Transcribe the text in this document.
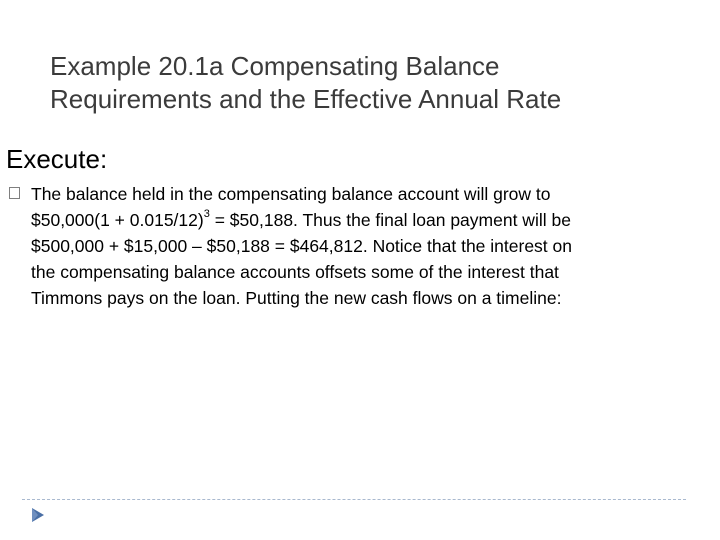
Example 20.1a Compensating Balance
Requirements and the Effective Annual Rate
Execute:
The balance held in the compensating balance account will grow to
$50,000(1 + 0.015/12)$^3$ = $50,188. Thus the final loan payment will be
$500,000 + $15,000 – $50,188 = $464,812. Notice that the interest on
the compensating balance accounts offsets some of the interest that
Timmons pays on the loan. Putting the new cash flows on a timeline:
